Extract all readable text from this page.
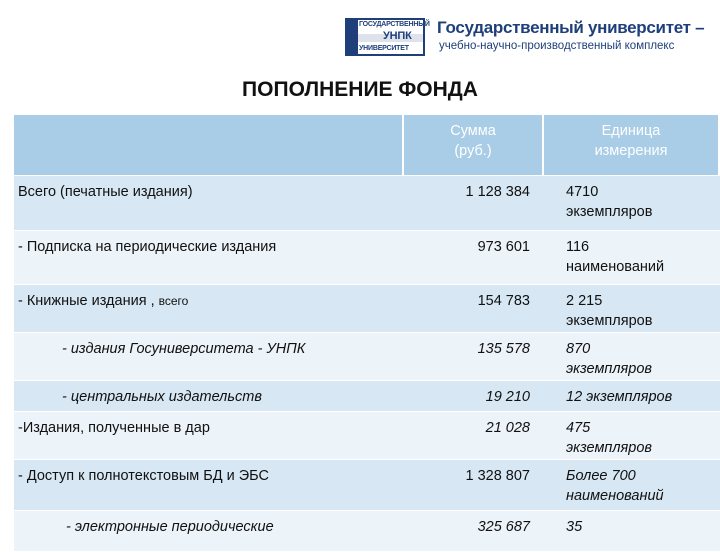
ГОСУДАРСТВЕННЫЙ
УНПК
УНИВЕРСИТЕТ
Государственный университет –
учебно-научно-производственный комплекс
ПОПОЛНЕНИЕ ФОНДА
Сумма
(руб.)
Единица
измерения
Всего (печатные издания)	1 128 384	4710
экземпляров
- Подписка на периодические издания	973 601	116
наименований
- Книжные издания , всего	154 783	2 215
экземпляров
- издания Госуниверситета - УНПК	135 578	870
экземпляров
- центральных издательств	19 210	12 экземпляров
-Издания, полученные в дар	21 028	475
экземпляров
- Доступ к полнотекстовым БД и ЭБС	1 328 807	Более 700
наименований
- электронные периодические	325 687	35
